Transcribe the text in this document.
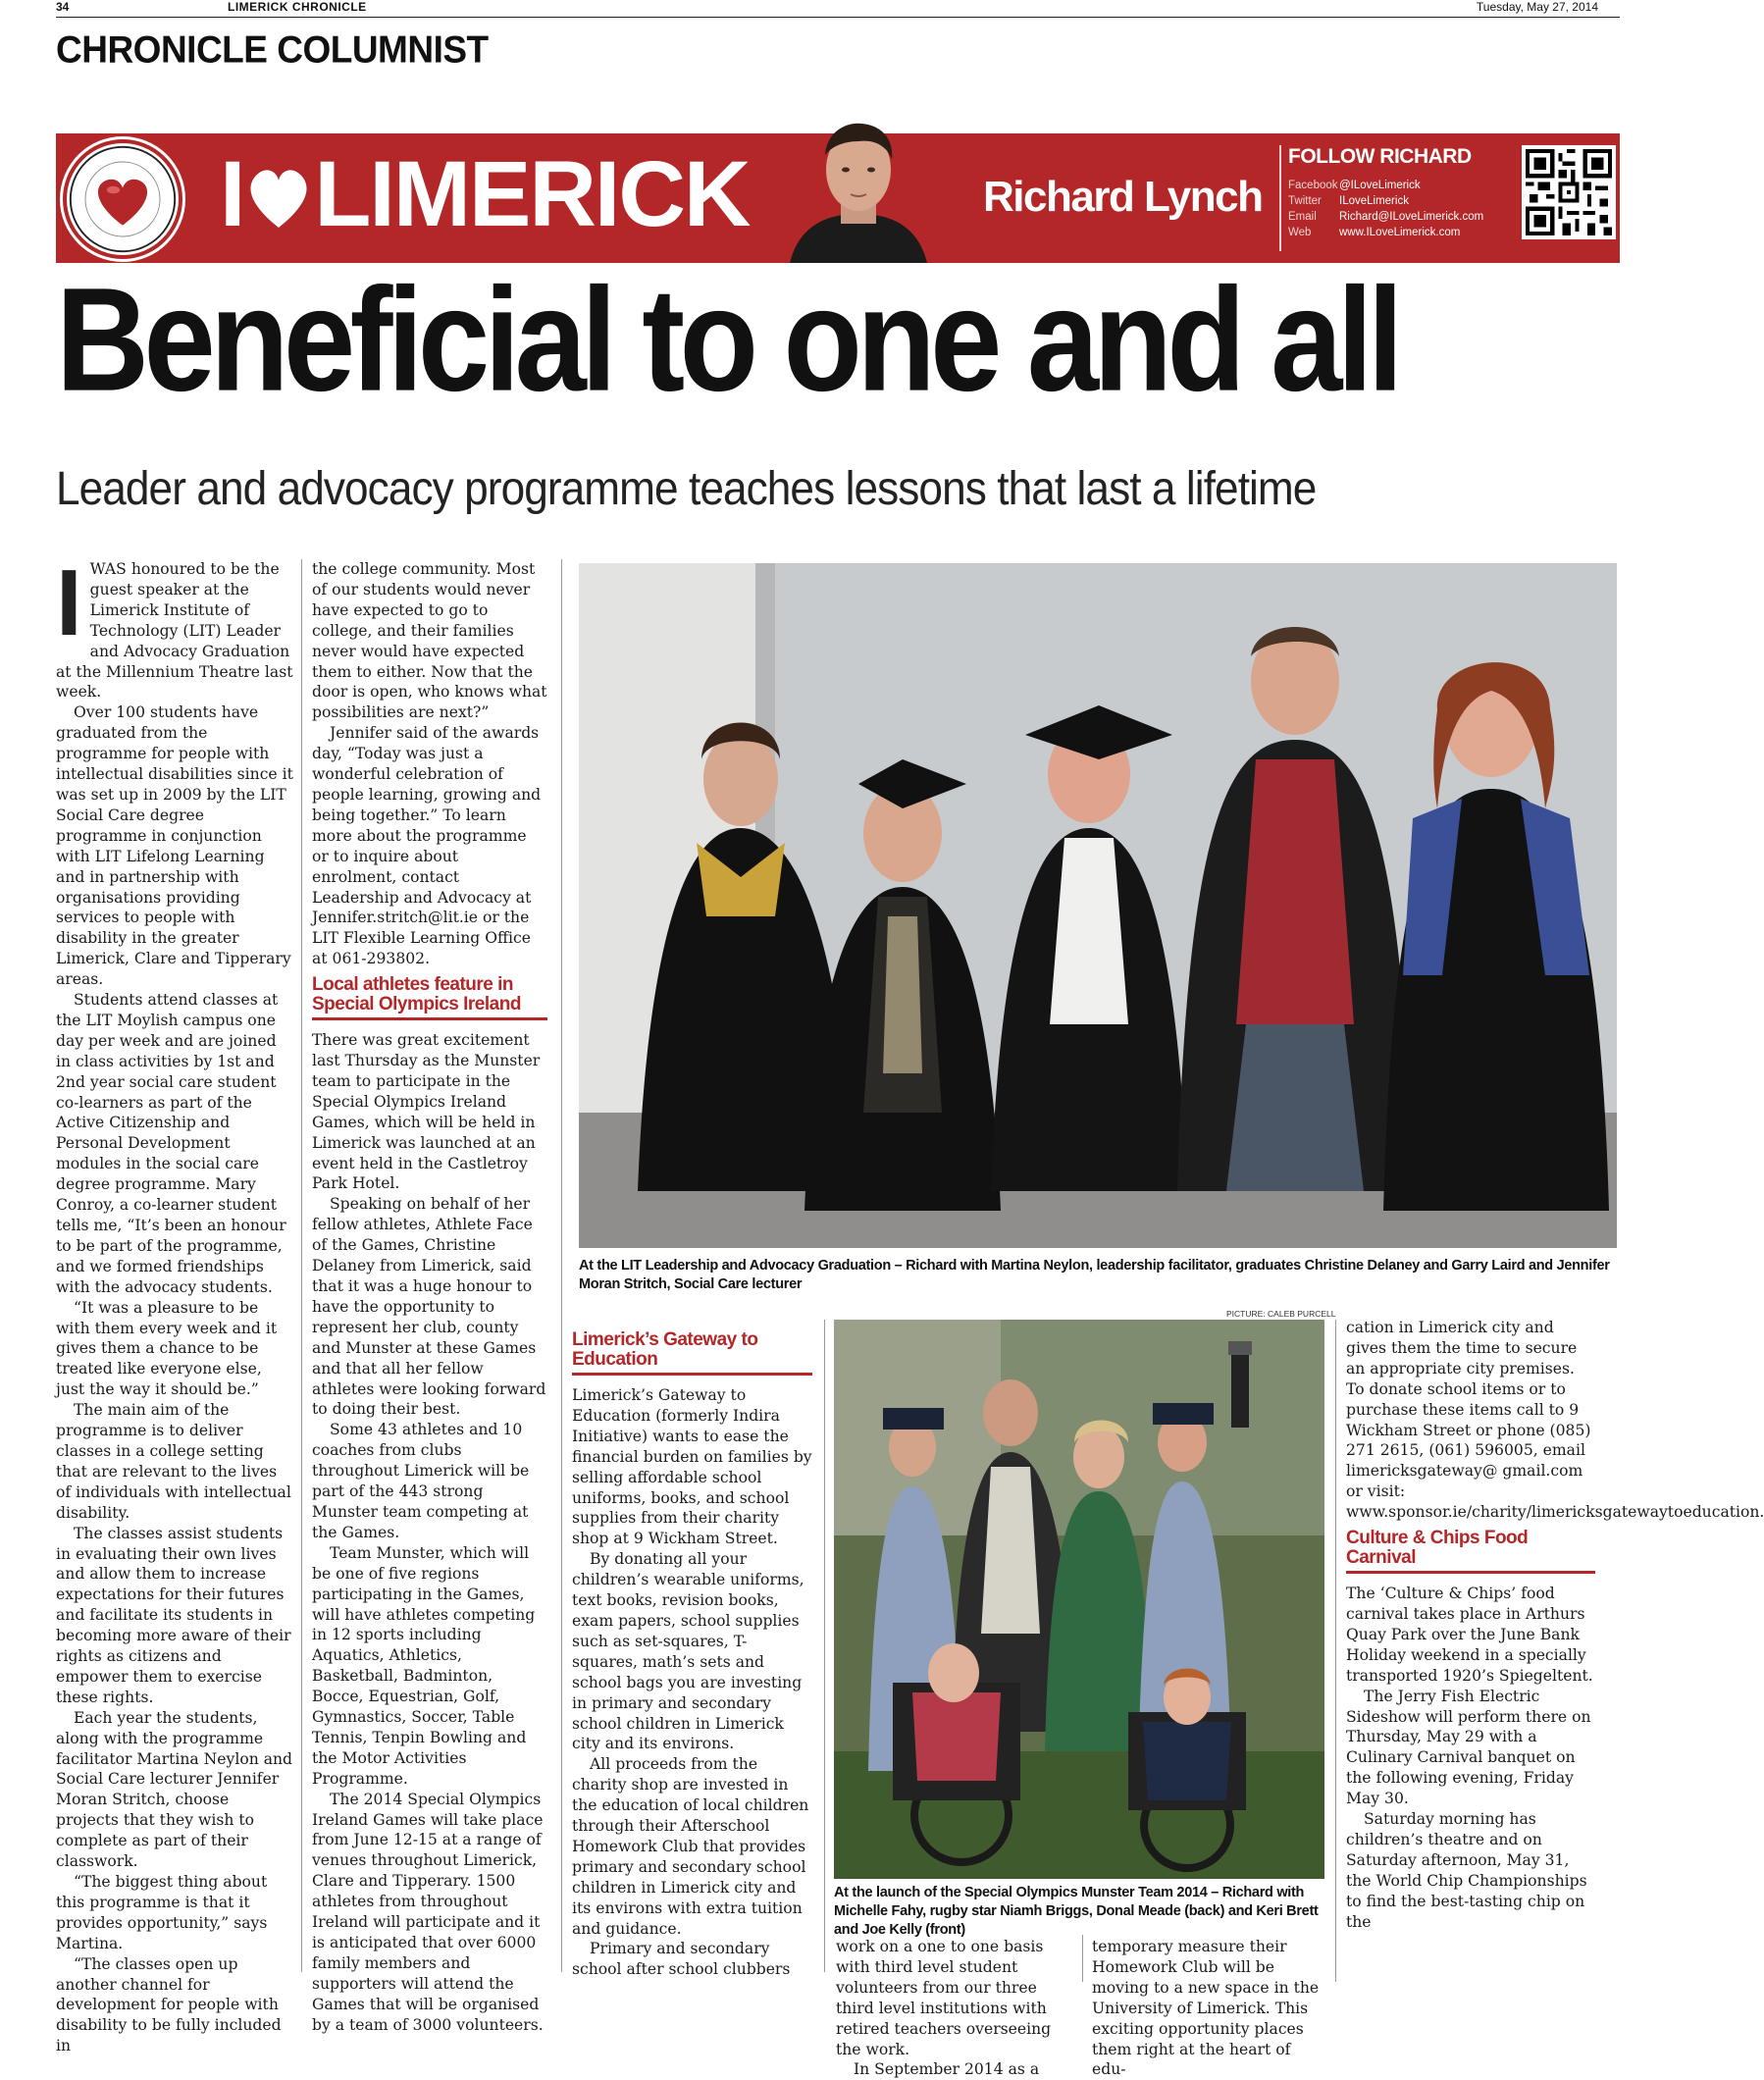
34	LIMERICK CHRONICLE	Tuesday, May 27, 2014
CHRONICLE COLUMNIST
I LIMERICK	Richard Lynch
FOLLOW RICHARD
Facebook@ILoveLimerick
Twitter ILoveLimerick
Email Richard@ILoveLimerick.com
Web www.ILoveLimerick.com
Beneficial to one and all
Leader and advocacy programme teaches lessons that last a lifetime

IWAS honoured to be the guest speaker at the Limerick Institute of Technology (LIT) Leader and Advocacy Graduation at the Millennium Theatre last week.

Over 100 students have graduated from the programme for people with intellectual disabilities since it was set up in 2009 by the LIT Social Care degree programme in conjunction with LIT Lifelong Learning and in partnership with organisations providing services to people with disability in the greater Limerick, Clare and Tipperary areas.

Students attend classes at the LIT Moylish campus one day per week and are joined in class activities by 1st and 2nd year social care student co-learners as part of the Active Citizenship and Personal Development modules in the social care degree programme. Mary Conroy, a co-learner student tells me, “It’s been an honour to be part of the programme, and we formed friendships with the advocacy students.

“It was a pleasure to be with them every week and it gives them a chance to be treated like everyone else, just the way it should be.”

The main aim of the programme is to deliver classes in a college setting that are relevant to the lives of individuals with intellectual disability.

The classes assist students in evaluating their own lives and allow them to increase expectations for their futures and facilitate its students in becoming more aware of their rights as citizens and empower them to exercise these rights.

Each year the students, along with the programme facilitator Martina Neylon and Social Care lecturer Jennifer Moran Stritch, choose projects that they wish to complete as part of their classwork.

“The biggest thing about this programme is that it provides opportunity,” says Martina.

“The classes open up another channel for development for people with disability to be fully included in

the college community. Most of our students would never have expected to go to college, and their families never would have expected them to either. Now that the door is open, who knows what possibilities are next?”

Jennifer said of the awards day, “Today was just a wonderful celebration of people learning, growing and being together.” To learn more about the programme or to inquire about enrolment, contact Leadership and Advocacy at Jennifer.stritch@lit.ie or the LIT Flexible Learning Office at 061-293802.

Local athletes feature in Special Olympics Ireland

There was great excitement last Thursday as the Munster team to participate in the Special Olympics Ireland Games, which will be held in Limerick was launched at an event held in the Castletroy Park Hotel.

Speaking on behalf of her fellow athletes, Athlete Face of the Games, Christine Delaney from Limerick, said that it was a huge honour to have the opportunity to represent her club, county and Munster at these Games and that all her fellow athletes were looking forward to doing their best.

Some 43 athletes and 10 coaches from clubs throughout Limerick will be part of the 443 strong Munster team competing at the Games.

Team Munster, which will be one of five regions participating in the Games, will have athletes competing in 12 sports including Aquatics, Athletics, Basketball, Badminton, Bocce, Equestrian, Golf, Gymnastics, Soccer, Table Tennis, Tenpin Bowling and the Motor Activities Programme.

The 2014 Special Olympics Ireland Games will take place from June 12-15 at a range of venues throughout Limerick, Clare and Tipperary. 1500 athletes from throughout Ireland will participate and it is anticipated that over 6000 family members and supporters will attend the Games that will be organised by a team of 3000 volunteers.

At the LIT Leadership and Advocacy Graduation – Richard with Martina Neylon, leadership facilitator, graduates Christine Delaney and Garry Laird and Jennifer Moran Stritch, Social Care lecturer
Limerick’s Gateway to Education

Limerick’s Gateway to Education (formerly Indira Initiative) wants to ease the financial burden on families by selling affordable school uniforms, books, and school supplies from their charity shop at 9 Wickham Street.

By donating all your children’s wearable uniforms, text books, revision books, exam papers, school supplies such as set-squares, T-squares, math’s sets and school bags you are investing in primary and secondary school children in Limerick city and its environs.

All proceeds from the charity shop are invested in the education of local children through their Afterschool Homework Club that provides primary and secondary school children in Limerick city and its environs with extra tuition and guidance.

Primary and secondary school after school clubbers

PICTURE: CALEB PURCELL
At the launch of the Special Olympics Munster Team 2014 – Richard with Michelle Fahy, rugby star Niamh Briggs, Donal Meade (back) and Keri Brett and Joe Kelly (front)

work on a one to one basis with third level student volunteers from our three third level institutions with retired teachers overseeing the work.

In September 2014 as a

temporary measure their Homework Club will be moving to a new space in the University of Limerick. This exciting opportunity places them right at the heart of edu-

cation in Limerick city and gives them the time to secure an appropriate city premises. To donate school items or to purchase these items call to 9 Wickham Street or phone (085) 271 2615, (061) 596005, email limericksgateway@ gmail.com or visit: www.sponsor.ie/charity/limericksgatewaytoeducation.

Culture & Chips Food Carnival

The ‘Culture & Chips’ food carnival takes place in Arthurs Quay Park over the June Bank Holiday weekend in a specially transported 1920’s Spiegeltent.

The Jerry Fish Electric Sideshow will perform there on Thursday, May 29 with a Culinary Carnival banquet on the following evening, Friday May 30.

Saturday morning has children’s theatre and on Saturday afternoon, May 31, the World Chip Championships to find the best-tasting chip on the
